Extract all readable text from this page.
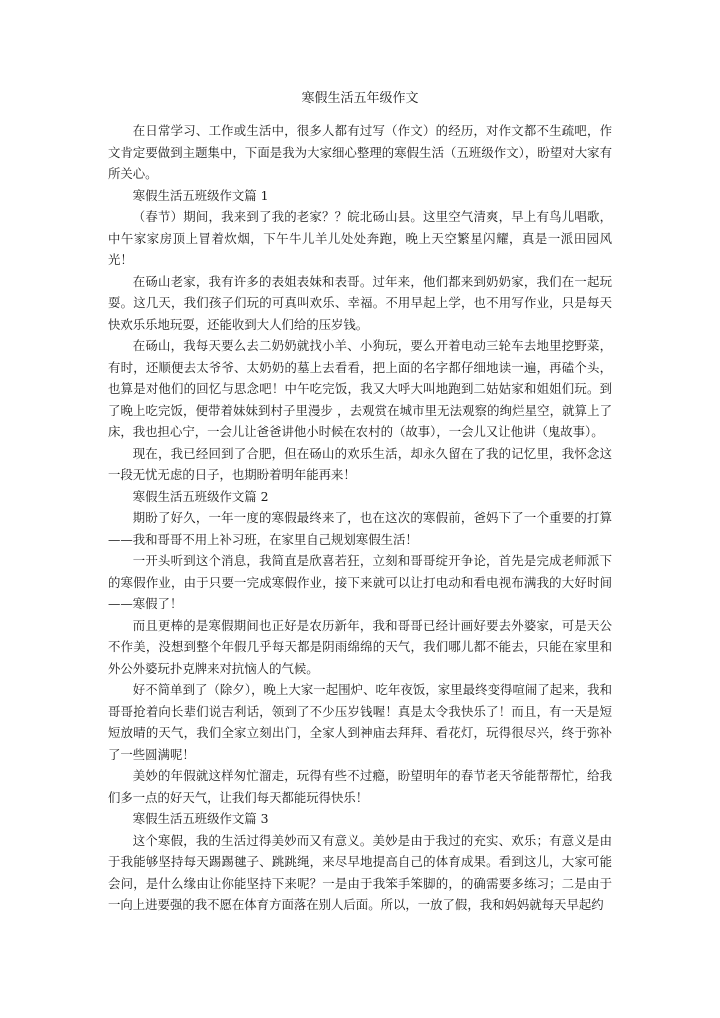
寒假生活五年级作文

在日常学习、工作或生活中，很多人都有过写（作文）的经历，对作文都不生疏吧，作文肯定要做到主题集中，下面是我为大家细心整理的寒假生活（五班级作文），盼望对大家有所关心。

寒假生活五班级作文篇 1

（春节）期间，我来到了我的老家？？皖北砀山县。这里空气清爽，早上有鸟儿唱歌，中午家家房顶上冒着炊烟，下午牛儿羊儿处处奔跑，晚上天空繁星闪耀，真是一派田园风光！

在砀山老家，我有许多的表姐表妹和表哥。过年来，他们都来到奶奶家，我们在一起玩耍。这几天，我们孩子们玩的可真叫欢乐、幸福。不用早起上学，也不用写作业，只是每天快欢乐乐地玩耍，还能收到大人们给的压岁钱。

在砀山，我每天要么去二奶奶就找小羊、小狗玩，要么开着电动三轮车去地里挖野菜，有时，还顺便去太爷爷、太奶奶的墓上去看看，把上面的名字都仔细地读一遍，再磕个头，也算是对他们的回忆与思念吧！中午吃完饭，我又大呼大叫地跑到二姑姑家和姐姐们玩。到了晚上吃完饭，便带着妹妹到村子里漫步 ，去观赏在城市里无法观察的绚烂星空，就算上了床，我也担心宁，一会儿让爸爸讲他小时候在农村的（故事），一会儿又让他讲（鬼故事）。

现在，我已经回到了合肥，但在砀山的欢乐生活，却永久留在了我的记忆里，我怀念这一段无忧无虑的日子，也期盼着明年能再来！

寒假生活五班级作文篇 2

期盼了好久，一年一度的寒假最终来了，也在这次的寒假前，爸妈下了一个重要的打算——我和哥哥不用上补习班，在家里自己规划寒假生活！

一开头听到这个消息，我简直是欣喜若狂，立刻和哥哥绽开争论，首先是完成老师派下的寒假作业，由于只要一完成寒假作业，接下来就可以让打电动和看电视布满我的大好时间——寒假了！

而且更棒的是寒假期间也正好是农历新年，我和哥哥已经计画好要去外婆家，可是天公不作美，没想到整个年假几乎每天都是阴雨绵绵的天气，我们哪儿都不能去，只能在家里和外公外婆玩扑克牌来对抗恼人的气候。

好不简单到了（除夕），晚上大家一起围炉、吃年夜饭，家里最终变得喧闹了起来，我和哥哥抢着向长辈们说吉利话，领到了不少压岁钱喔！真是太令我快乐了！而且，有一天是短短放晴的天气，我们全家立刻出门，全家人到神庙去拜拜、看花灯，玩得很尽兴，终于弥补了一些圆满呢！

美妙的年假就这样匆忙溜走，玩得有些不过瘾，盼望明年的春节老天爷能帮帮忙，给我们多一点的好天气，让我们每天都能玩得快乐！

寒假生活五班级作文篇 3

这个寒假，我的生活过得美妙而又有意义。美妙是由于我过的充实、欢乐；有意义是由于我能够坚持每天踢踢毽子、跳跳绳，来尽早地提高自己的体育成果。看到这儿，大家可能会问，是什么缘由让你能坚持下来呢？一是由于我笨手笨脚的，的确需要多练习；二是由于一向上进要强的我不愿在体育方面落在别人后面。所以，一放了假，我和妈妈就每天早起约
